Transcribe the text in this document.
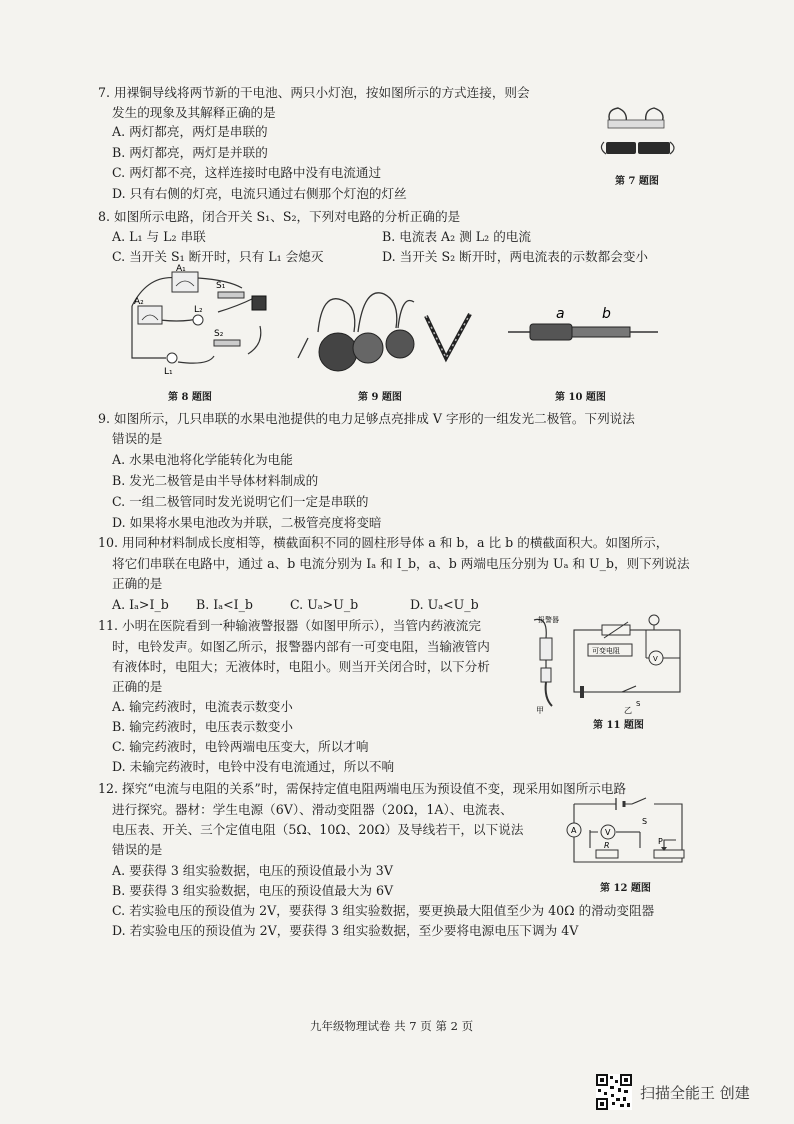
7. 用裸铜导线将两节新的干电池、两只小灯泡，按如图所示的方式连接，则会
发生的现象及其解释正确的是
A. 两灯都亮，两灯是串联的
B. 两灯都亮，两灯是并联的
C. 两灯都不亮，这样连接时电路中没有电流通过
D. 只有右侧的灯亮，电流只通过右侧那个灯泡的灯丝
第 7 题图
8. 如图所示电路，闭合开关 S₁、S₂，下列对电路的分析正确的是
A. L₁ 与 L₂ 串联	B. 电流表 A₂ 测 L₂ 的电流
C. 当开关 S₁ 断开时，只有 L₁ 会熄灭	D. 当开关 S₂ 断开时，两电流表的示数都会变小
A₁
A₂
S₁
L₂
S₂
L₁
第 8 题图	第 9 题图
a	b
第 10 题图
9. 如图所示，几只串联的水果电池提供的电力足够点亮排成 V 字形的一组发光二极管。下列说法
错误的是
A. 水果电池将化学能转化为电能
B. 发光二极管是由半导体材料制成的
C. 一组二极管同时发光说明它们一定是串联的
D. 如果将水果电池改为并联，二极管亮度将变暗
10. 用同种材料制成长度相等，横截面积不同的圆柱形导体 a 和 b，a 比 b 的横截面积大。如图所示，
将它们串联在电路中，通过 a、b 电流分别为 Iₐ 和 I_b，a、b 两端电压分别为 Uₐ 和 U_b，则下列说法
正确的是
A. Iₐ>I_b B. Iₐ<I_b	C. Uₐ>U_b	D. Uₐ<U_b
11. 小明在医院看到一种输液警报器（如图甲所示），当管内药液流完
时，电铃发声。如图乙所示，报警器内部有一可变电阻，当输液管内
有液体时，电阻大；无液体时，电阻小。则当开关闭合时，以下分析
正确的是
A. 输完药液时，电流表示数变小
B. 输完药液时，电压表示数变小
C. 输完药液时，电铃两端电压变大，所以才响
D. 未输完药液时，电铃中没有电流通过，所以不响
报警器
可变电阻
V
S
甲	乙
第 11 题图
12. 探究“电流与电阻的关系”时，需保持定值电阻两端电压为预设值不变，现采用如图所示电路
进行探究。器材：学生电源（6V）、滑动变阻器（20Ω，1A）、电流表、
电压表、开关、三个定值电阻（5Ω、10Ω、20Ω）及导线若干，以下说法
错误的是
A. 要获得 3 组实验数据，电压的预设值最小为 3V
B. 要获得 3 组实验数据，电压的预设值最大为 6V
C. 若实验电压的预设值为 2V，要获得 3 组实验数据，要更换最大阻值至少为 40Ω 的滑动变阻器
D. 若实验电压的预设值为 2V，要获得 3 组实验数据，至少要将电源电压下调为 4V
S
A	V
R	P
第 12 题图
九年级物理试卷 共 7 页 第 2 页
扫描全能王 创建
